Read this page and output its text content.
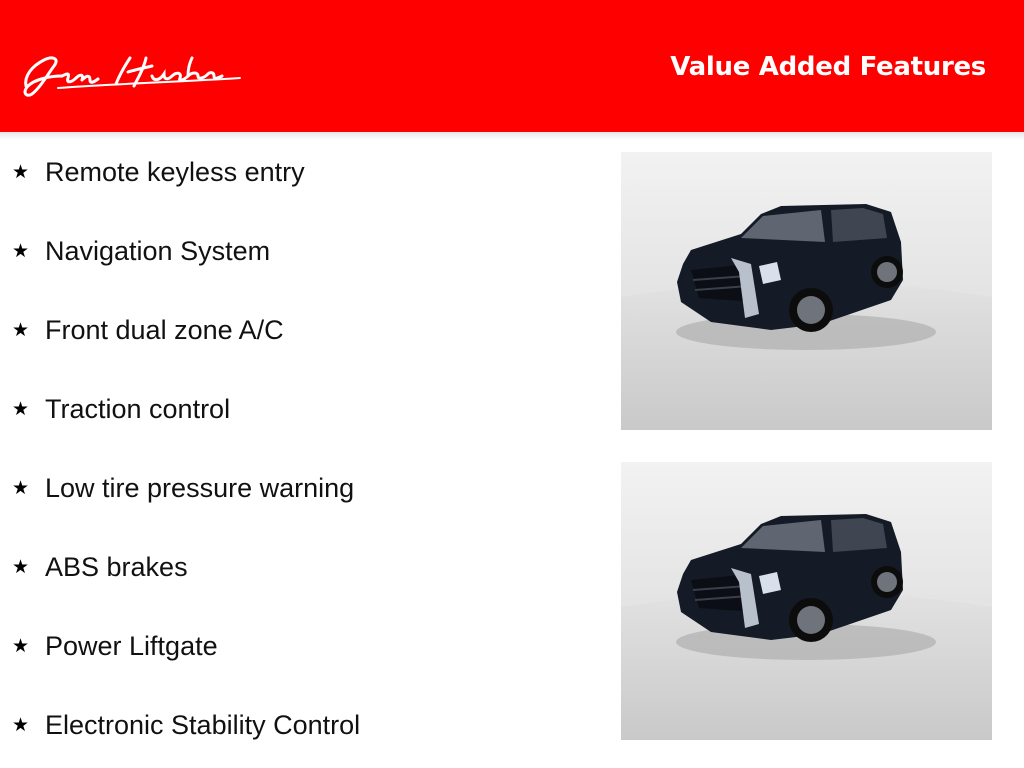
Jim Hudson
Value Added Features
★ Remote keyless entry
★ Navigation System
★ Front dual zone A/C
★ Traction control
★ Low tire pressure warning
★ ABS brakes
★ Power Liftgate
★ Electronic Stability Control
